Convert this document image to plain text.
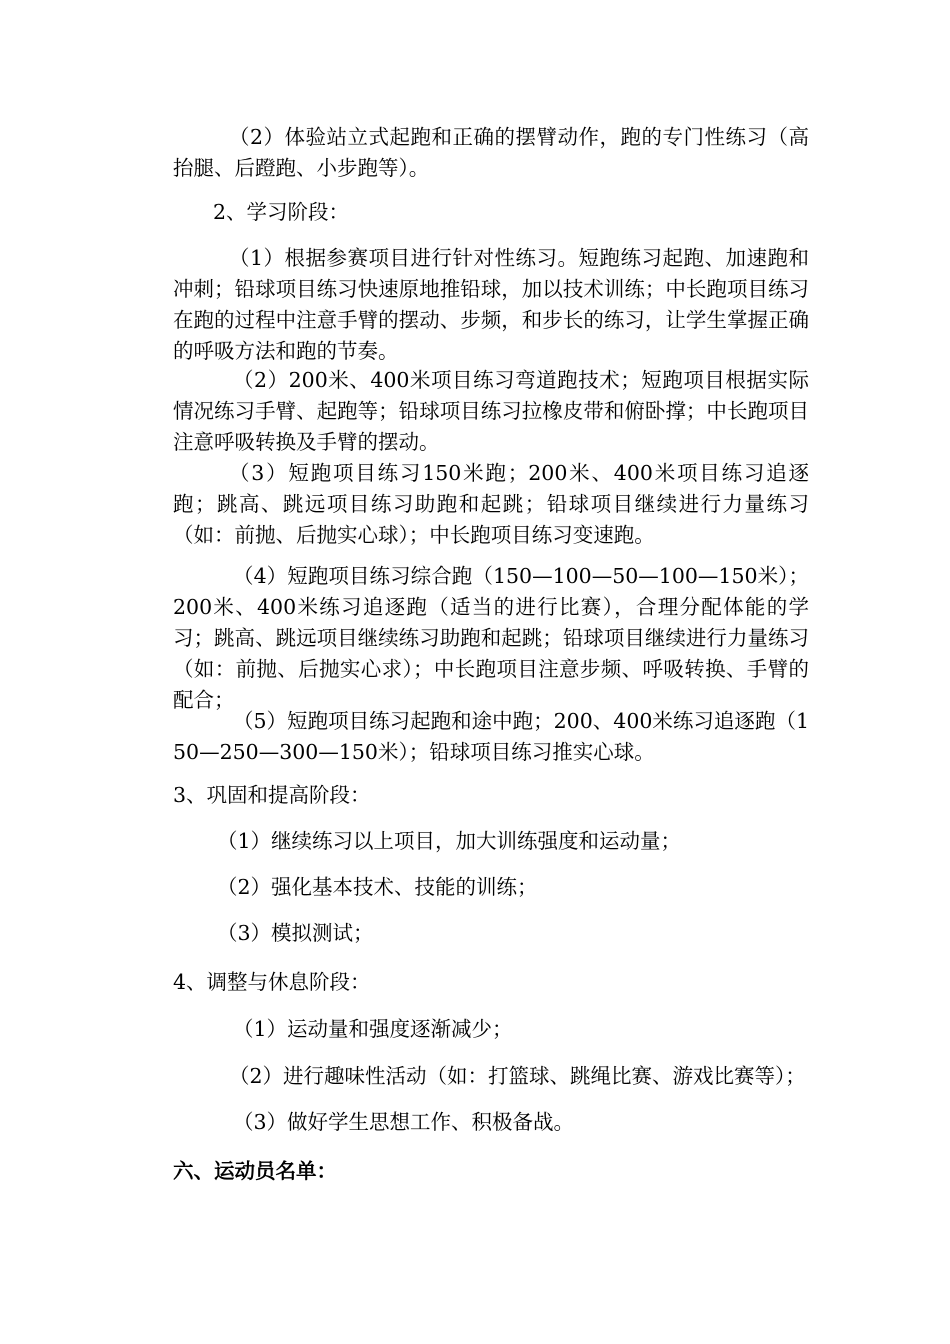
（2）体验站立式起跑和正确的摆臂动作，跑的专门性练习（高抬腿、后蹬跑、小步跑等）。

2、学习阶段：

（1）根据参赛项目进行针对性练习。短跑练习起跑、加速跑和冲刺；铅球项目练习快速原地推铅球，加以技术训练；中长跑项目练习在跑的过程中注意手臂的摆动、步频，和步长的练习，让学生掌握正确的呼吸方法和跑的节奏。

（2）200米、400米项目练习弯道跑技术；短跑项目根据实际情况练习手臂、起跑等；铅球项目练习拉橡皮带和俯卧撑；中长跑项目注意呼吸转换及手臂的摆动。

（3）短跑项目练习150米跑；200米、400米项目练习追逐跑；跳高、跳远项目练习助跑和起跳；铅球项目继续进行力量练习（如：前抛、后抛实心球）；中长跑项目练习变速跑。

（4）短跑项目练习综合跑（150—100—50—100—150米）；200米、400米练习追逐跑（适当的进行比赛），合理分配体能的学习；跳高、跳远项目继续练习助跑和起跳；铅球项目继续进行力量练习（如：前抛、后抛实心求）；中长跑项目注意步频、呼吸转换、手臂的配合；

（5）短跑项目练习起跑和途中跑；200、400米练习追逐跑（150—250—300—150米）；铅球项目练习推实心球。

3、巩固和提高阶段：

（1）继续练习以上项目，加大训练强度和运动量；

（2）强化基本技术、技能的训练；

（3）模拟测试；

4、调整与休息阶段：

（1）运动量和强度逐渐减少；

（2）进行趣味性活动（如：打篮球、跳绳比赛、游戏比赛等）；

（3）做好学生思想工作、积极备战。

六、运动员名单：
